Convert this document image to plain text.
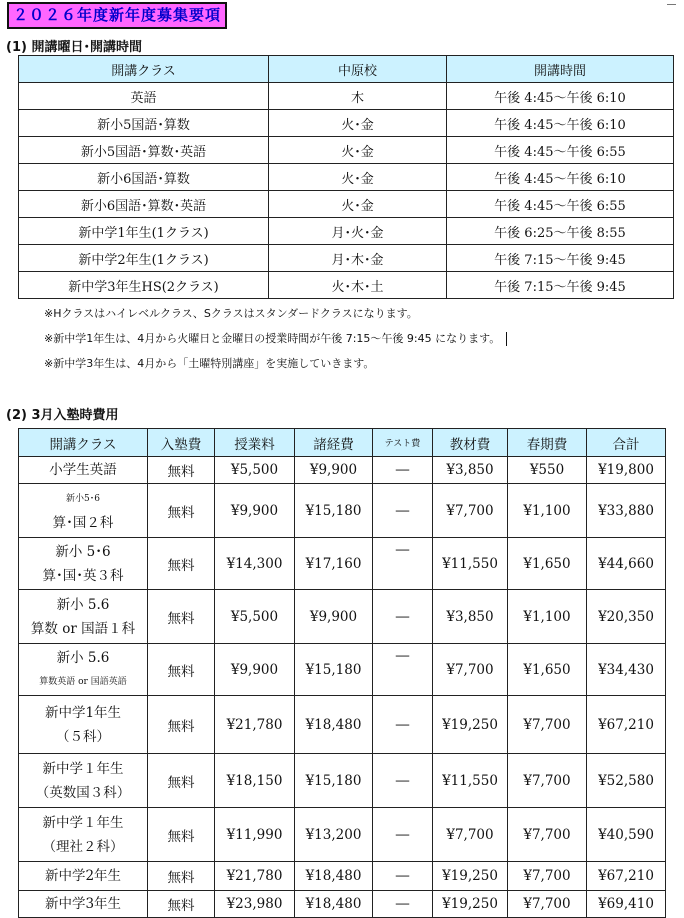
２０２６年度新年度募集要項
(1) 開講曜日･開講時間
開講クラス	中原校	開講時間
英語	木	午後 4:45～午後 6:10
新小5国語･算数	火･金	午後 4:45～午後 6:10
新小5国語･算数･英語	火･金	午後 4:45～午後 6:55
新小6国語･算数	火･金	午後 4:45～午後 6:10
新小6国語･算数･英語	火･金	午後 4:45～午後 6:55
新中学1年生(1クラス)	月･火･金	午後 6:25～午後 8:55
新中学2年生(1クラス)	月･木･金	午後 7:15～午後 9:45
新中学3年生HS(2クラス)	火･木･土	午後 7:15～午後 9:45
※Hクラスはハイレベルクラス、Sクラスはスタンダードクラスになります。
※新中学1年生は、4月から火曜日と金曜日の授業時間が午後 7:15～午後 9:45 になります。
※新中学3年生は、4月から「土曜特別講座」を実施していきます。
(2) 3月入塾時費用
開講クラス	入塾費	授業料	諸経費	テスト費	教材費	春期費	合計

小学生英語	無料	¥5,500	¥9,900	―	¥3,850	¥550	¥19,800

新小5･6
算･国２科	無料	¥9,900	¥15,180	―	¥7,700	¥1,100	¥33,880

新小 5･6
算･国･英３科	無料	¥14,300	¥17,160	―	¥11,550	¥1,650	¥44,660

新小 5.6
算数 or 国語１科	無料	¥5,500	¥9,900	―	¥3,850	¥1,100	¥20,350

新小 5.6
算数英語 or 国語英語	無料	¥9,900	¥15,180	―	¥7,700	¥1,650	¥34,430

新中学1年生
（５科）	無料	¥21,780	¥18,480	―	¥19,250	¥7,700	¥67,210

新中学１年生
（英数国３科）	無料	¥18,150	¥15,180	―	¥11,550	¥7,700	¥52,580

新中学１年生
（理社２科）	無料	¥11,990	¥13,200	―	¥7,700	¥7,700	¥40,590

新中学2年生	無料	¥21,780	¥18,480	―	¥19,250	¥7,700	¥67,210

新中学3年生	無料	¥23,980	¥18,480	―	¥19,250	¥7,700	¥69,410
